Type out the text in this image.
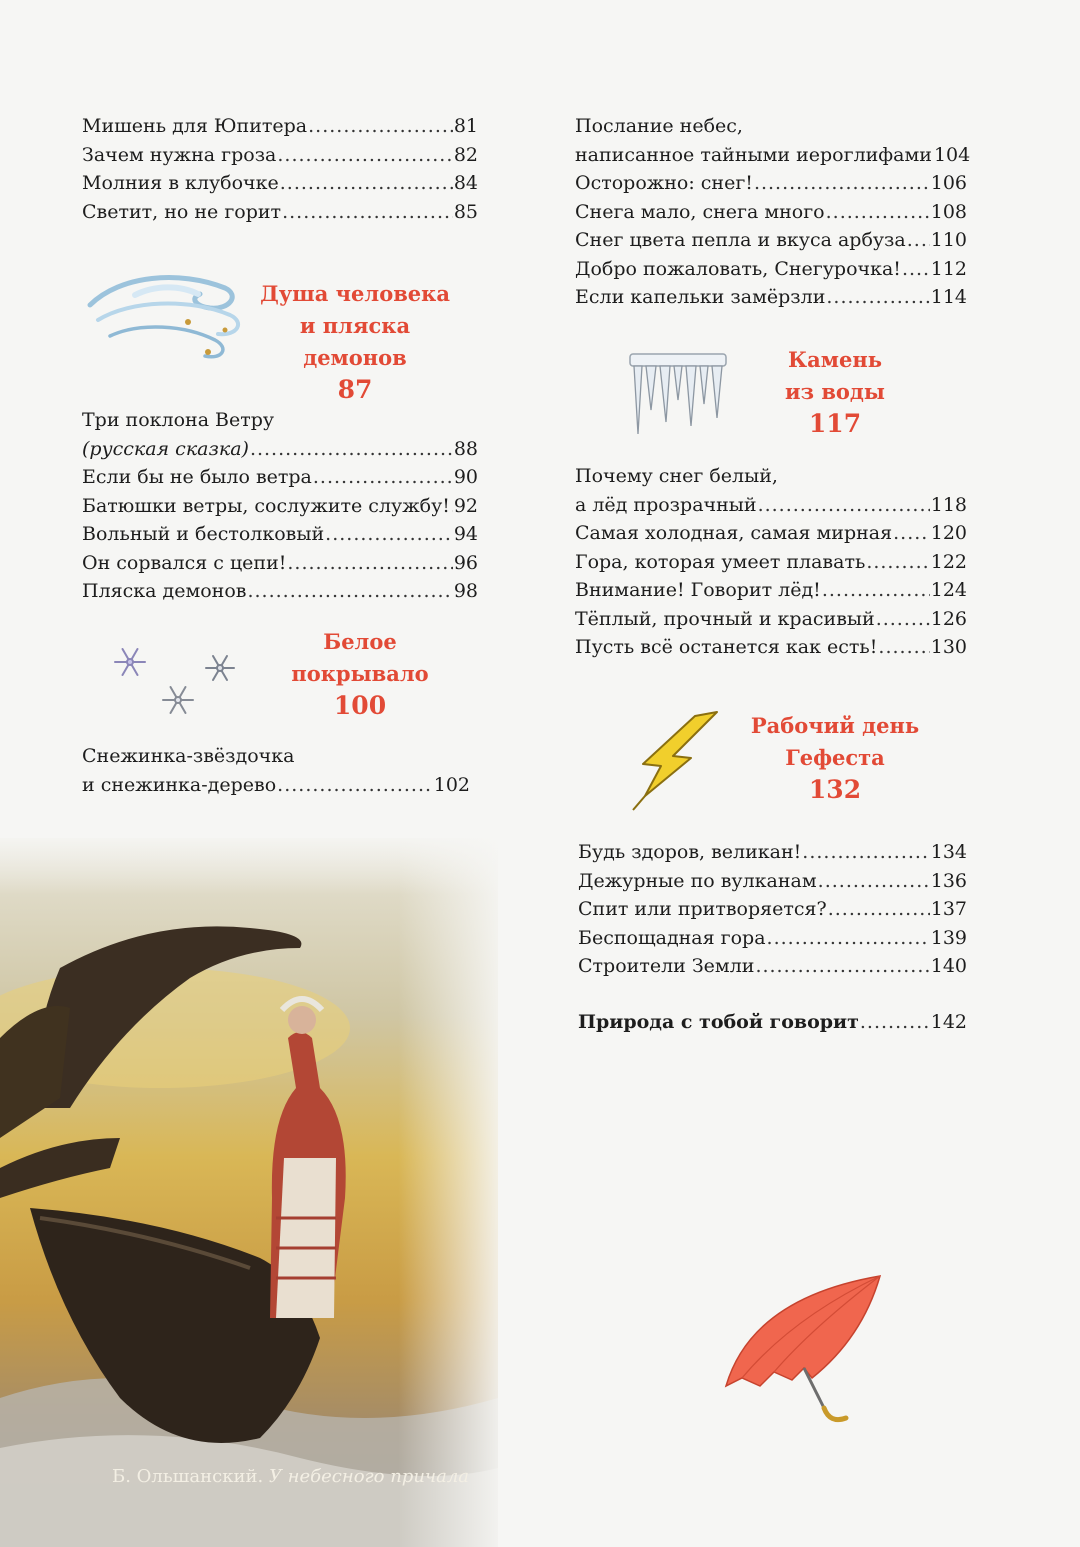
Мишень для Юпитера .....	81
Зачем нужна гроза .....	82
Молния в клубочке .....	84
Светит, но не горит .....	85
Душа человека
и пляска демонов
87
Три поклона Ветру
(русская сказка) .....	88
Если бы не было ветра .....	90
Батюшки ветры, сослужите службу! ..... 92
Вольный и бестолковый .....	94
Он сорвался с цепи! .....	96
Пляска демонов .....	98
Белое
покрывало
100
Снежинка-звёздочка
и снежинка-дерево .....	102
Послание небес,
написанное тайными иероглифами 104
Осторожно: снег! .....	106
Снега мало, снега много .....	108
Снег цвета пепла и вкуса арбуза ..... 110
Добро пожаловать, Снегурочка! ..... 112
Если капельки замёрзли .....	114
Камень
из воды
117
Почему снег белый,
а лёд прозрачный .....	118
Самая холодная, самая мирная ..... 120
Гора, которая умеет плавать .....	122
Внимание! Говорит лёд! .....	124
Тёплый, прочный и красивый .....	126
Пусть всё останется как есть! .....	130
Рабочий день
Гефеста
132
Будь здоров, великан! .....	134
Дежурные по вулканам .....	136
Спит или притворяется? .....	137
Беспощадная гора .....	139
Строители Земли .....	140
Природа с тобой говорит .....	142
Б. Ольшанский. У небесного причала
